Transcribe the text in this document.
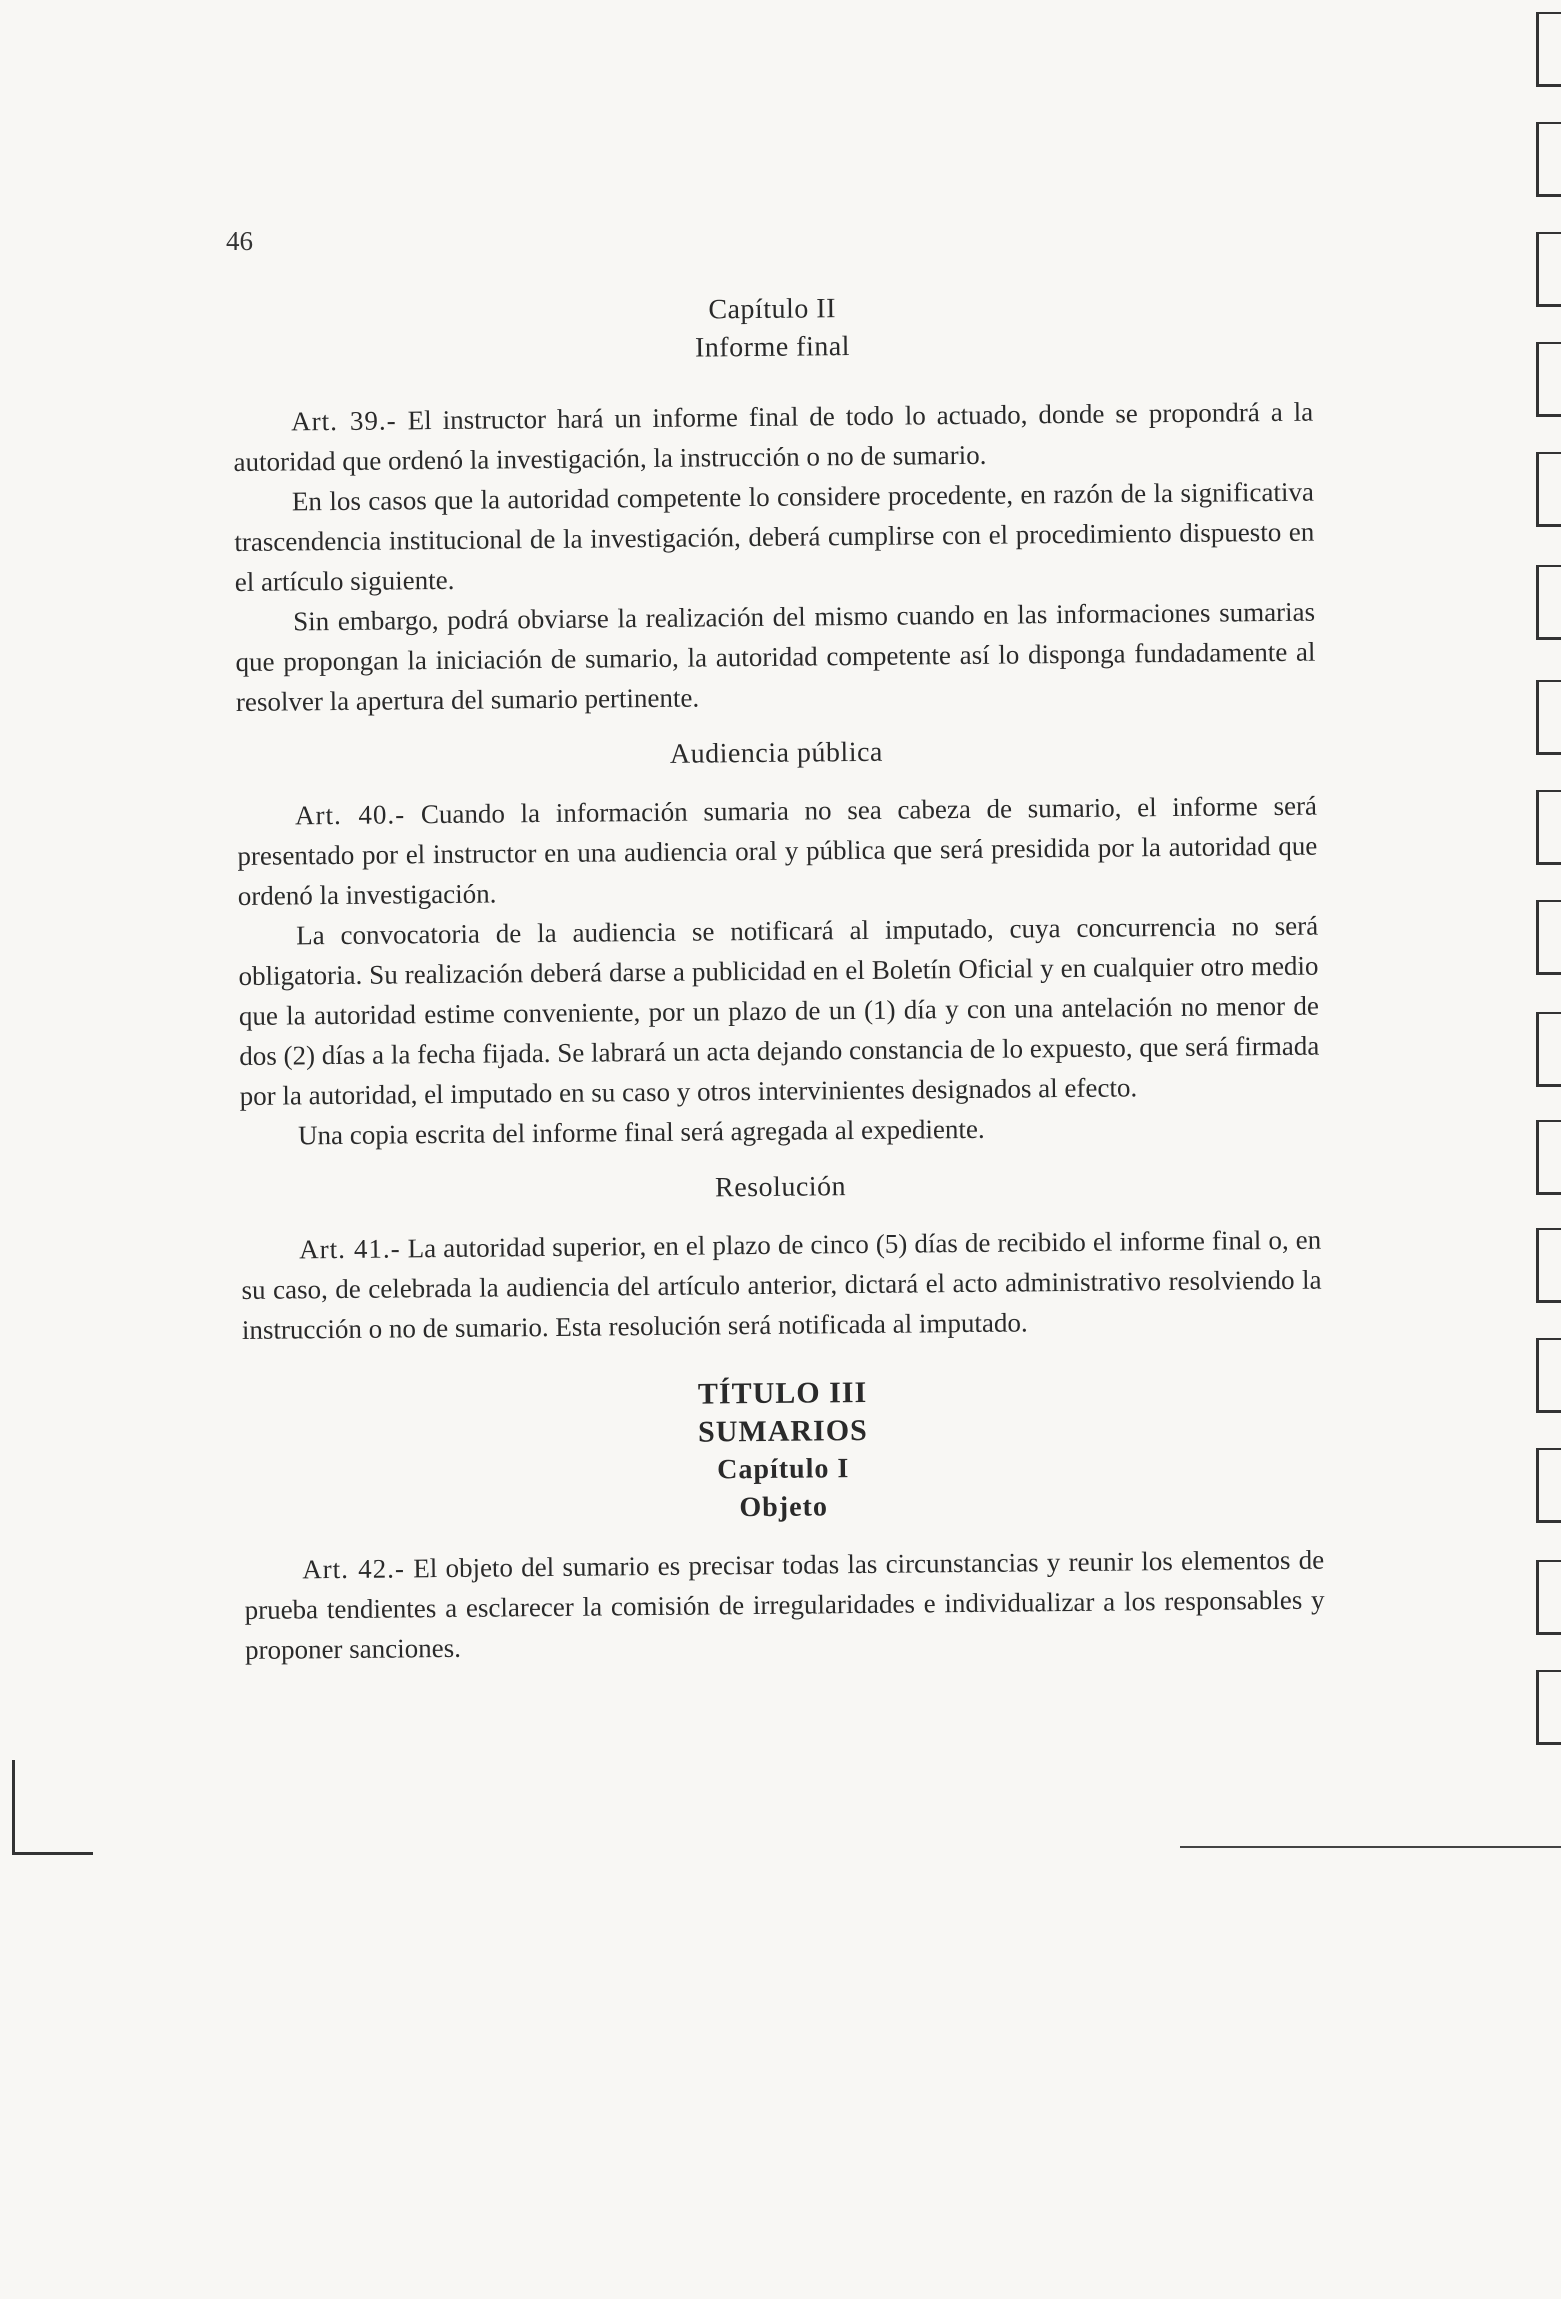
46

Capítulo II

Informe final

Art. 39.- El instructor hará un informe final de todo lo actuado, donde se propondrá a la autoridad que ordenó la investigación, la instrucción o no de sumario.

En los casos que la autoridad competente lo considere procedente, en razón de la significativa trascendencia institucional de la investigación, deberá cumplirse con el procedimiento dispuesto en el artículo siguiente.

Sin embargo, podrá obviarse la realización del mismo cuando en las informaciones sumarias que propongan la iniciación de sumario, la autoridad competente así lo disponga fundadamente al resolver la apertura del sumario pertinente.

Audiencia pública

Art. 40.- Cuando la información sumaria no sea cabeza de sumario, el informe será presentado por el instructor en una audiencia oral y pública que será presidida por la autoridad que ordenó la investigación.

La convocatoria de la audiencia se notificará al imputado, cuya concurrencia no será obligatoria. Su realización deberá darse a publicidad en el Boletín Oficial y en cualquier otro medio que la autoridad estime conveniente, por un plazo de un (1) día y con una antelación no menor de dos (2) días a la fecha fijada. Se labrará un acta dejando constancia de lo expuesto, que será firmada por la autoridad, el imputado en su caso y otros intervinientes designados al efecto.

Una copia escrita del informe final será agregada al expediente.

Resolución

Art. 41.- La autoridad superior, en el plazo de cinco (5) días de recibido el informe final o, en su caso, de celebrada la audiencia del artículo anterior, dictará el acto administrativo resolviendo la instrucción o no de sumario. Esta resolución será notificada al imputado.

TÍTULO III

SUMARIOS

Capítulo I

Objeto

Art. 42.- El objeto del sumario es precisar todas las circunstancias y reunir los elementos de prueba tendientes a esclarecer la comisión de irregularidades e individualizar a los responsables y proponer sanciones.
